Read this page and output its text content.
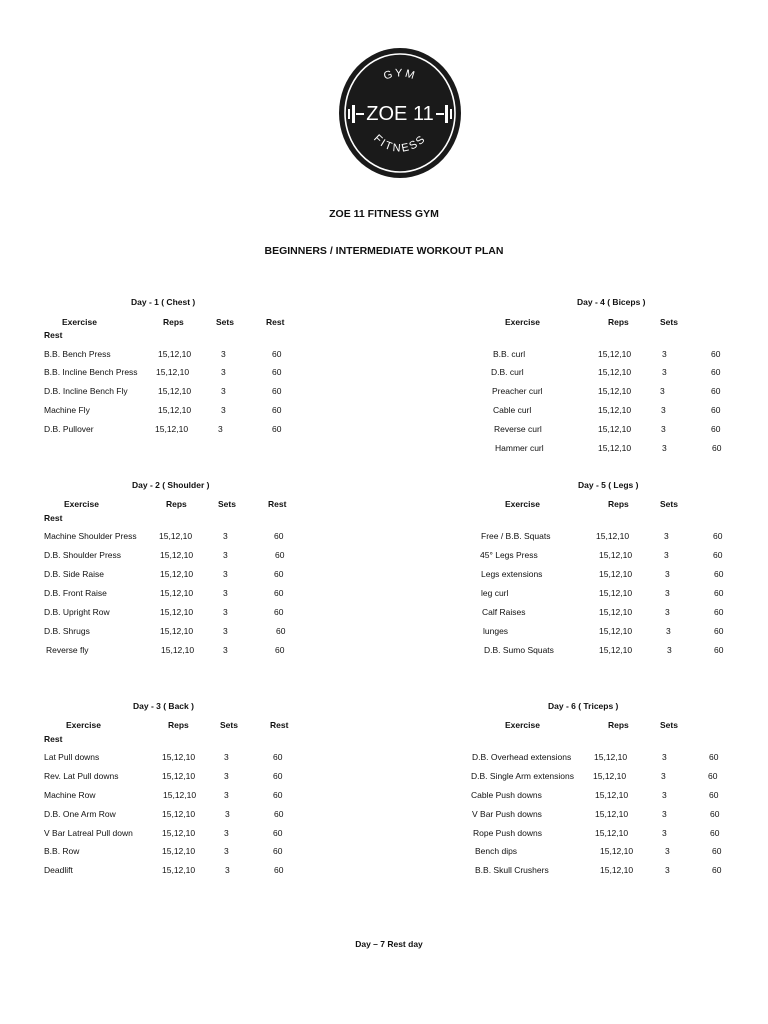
GYM
ZOE 11
FITNESS
ZOE 11 FITNESS GYM
BEGINNERS / INTERMEDIATE WORKOUT PLAN
Day - 1 ( Chest )
Exercise	Reps	Sets	Rest
Rest
B.B. Bench Press	15,12,10	3	60
B.B. Incline Bench Press 15,12,10	3	60
D.B. Incline Bench Fly	15,12,10	3	60
Machine Fly	15,12,10	3	60
D.B. Pullover	15,12,10	3	60
Day - 2 ( Shoulder )
Exercise	Reps	Sets	Rest
Rest
Machine Shoulder Press	15,12,10	3	60
D.B. Shoulder Press	15,12,10	3	60
D.B. Side Raise	15,12,10	3	60
D.B. Front Raise	15,12,10	3	60
D.B. Upright Row	15,12,10	3	60
D.B. Shrugs	15,12,10	3	60
Reverse fly	15,12,10	3	60
Day - 3 ( Back )
Exercise	Reps	Sets	Rest
Rest
Lat Pull downs	15,12,10	3	60
Rev. Lat Pull downs	15,12,10	3	60
Machine Row	15,12,10	3	60
D.B. One Arm Row	15,12,10	3	60
V Bar Latreal Pull down	15,12,10	3	60
B.B. Row	15,12,10	3	60
Deadlift	15,12,10	3	60
Day - 4 ( Biceps )
Exercise	Reps	Sets
B.B. curl	15,12,10	3	60
D.B. curl	15,12,10	3	60
Preacher curl	15,12,10	3	60
Cable curl	15,12,10	3	60
Reverse curl	15,12,10	3	60
Hammer curl	15,12,10	3	60
Day - 5 ( Legs )
Exercise	Reps	Sets
Free / B.B. Squats	15,12,10	3	60
45° Legs Press	15,12,10	3	60
Legs extensions	15,12,10	3	60
leg curl	15,12,10	3	60
Calf Raises	15,12,10	3	60
lunges	15,12,10	3	60
D.B. Sumo Squats	15,12,10	3	60
Day - 6 ( Triceps )
Exercise	Reps	Sets
D.B. Overhead extensions	15,12,10	3	60
D.B. Single Arm extensions 15,12,10	3	60
Cable Push downs	15,12,10	3	60
V Bar Push downs	15,12,10	3	60
Rope Push downs	15,12,10	3	60
Bench dips	15,12,10	3	60
B.B. Skull Crushers	15,12,10	3	60
Day – 7 Rest day
